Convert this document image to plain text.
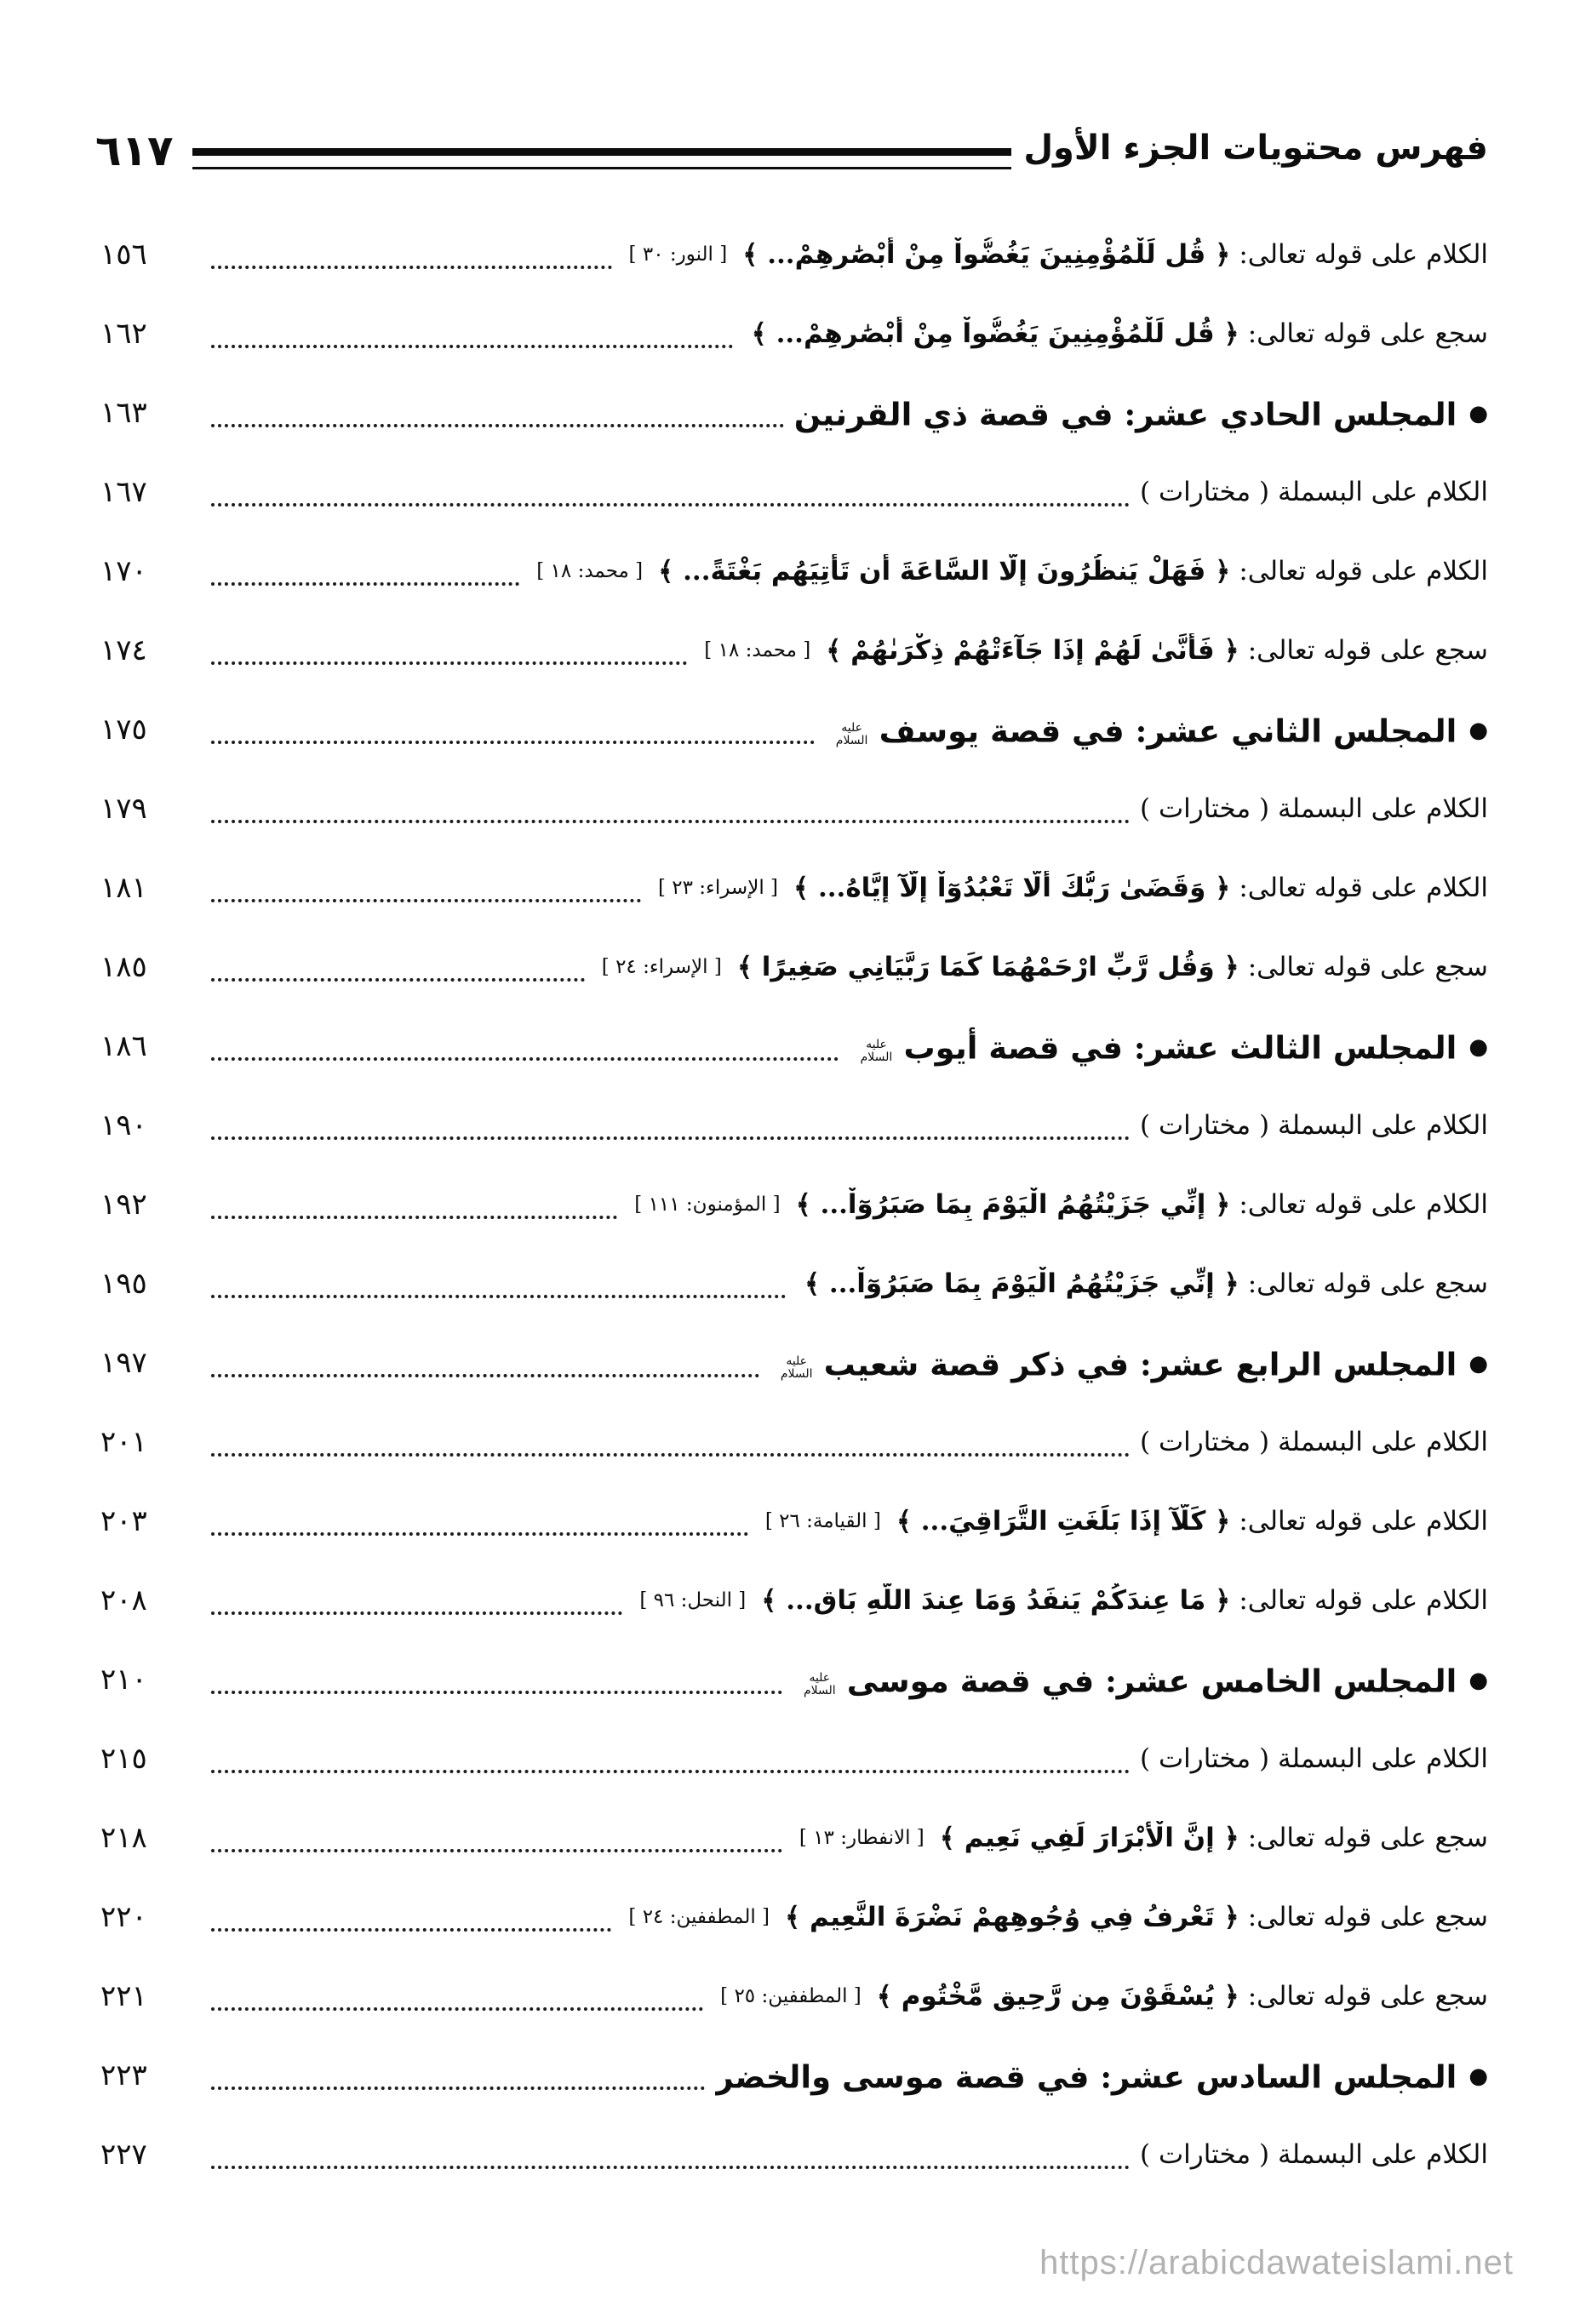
فهرس محتويات الجزء الأول
٦١٧
الكلام على قوله تعالى:﴿ قُل لِّلْمُؤْمِنِينَ يَغُضُّواْ مِنْ أَبْصَٰرِهِمْ... ﴾[ النور: ٣٠ ]
١٥٦
سجع على قوله تعالى:﴿ قُل لِّلْمُؤْمِنِينَ يَغُضُّواْ مِنْ أَبْصَٰرِهِمْ... ﴾
١٦٢
●المجلس الحادي عشر: في قصة ذي القرنين
١٦٣
الكلام على البسملة ( مختارات )
١٦٧
الكلام على قوله تعالى:﴿ فَهَلْ يَنظُرُونَ إِلَّا السَّاعَةَ أَن تَأْتِيَهُم بَغْتَةً... ﴾[ محمد: ١٨ ]
١٧٠
سجع على قوله تعالى:﴿ فَأَنَّىٰ لَهُمْ إِذَا جَآءَتْهُمْ ذِكْرَىٰهُمْ ﴾[ محمد: ١٨ ]
١٧٤
●المجلس الثاني عشر: في قصة يوسفعليه السلام
١٧٥
الكلام على البسملة ( مختارات )
١٧٩
الكلام على قوله تعالى:﴿ وَقَضَىٰ رَبُّكَ أَلَّا تَعْبُدُوٓاْ إِلَّآ إِيَّاهُ... ﴾[ الإسراء: ٢٣ ]
١٨١
سجع على قوله تعالى:﴿ وَقُل رَّبِّ ارْحَمْهُمَا كَمَا رَبَّيَانِي صَغِيرًا ﴾[ الإسراء: ٢٤ ]
١٨٥
●المجلس الثالث عشر: في قصة أيوبعليه السلام
١٨٦
الكلام على البسملة ( مختارات )
١٩٠
الكلام على قوله تعالى:﴿ إِنِّي جَزَيْتُهُمُ الْيَوْمَ بِمَا صَبَرُوٓاْ... ﴾[ المؤمنون: ١١١ ]
١٩٢
سجع على قوله تعالى:﴿ إِنِّي جَزَيْتُهُمُ الْيَوْمَ بِمَا صَبَرُوٓاْ... ﴾
١٩٥
●المجلس الرابع عشر: في ذكر قصة شعيبعليه السلام
١٩٧
الكلام على البسملة ( مختارات )
٢٠١
الكلام على قوله تعالى:﴿ كَلَّآ إِذَا بَلَغَتِ التَّرَاقِيَ... ﴾[ القيامة: ٢٦ ]
٢٠٣
الكلام على قوله تعالى:﴿ مَا عِندَكُمْ يَنفَدُ وَمَا عِندَ اللَّهِ بَاقٍ... ﴾[ النحل: ٩٦ ]
٢٠٨
●المجلس الخامس عشر: في قصة موسىعليه السلام
٢١٠
الكلام على البسملة ( مختارات )
٢١٥
سجع على قوله تعالى:﴿ إِنَّ الْأَبْرَارَ لَفِي نَعِيمٍ ﴾[ الانفطار: ١٣ ]
٢١٨
سجع على قوله تعالى:﴿ تَعْرِفُ فِي وُجُوهِهِمْ نَضْرَةَ النَّعِيمِ ﴾[ المطففين: ٢٤ ]
٢٢٠
سجع على قوله تعالى:﴿ يُسْقَوْنَ مِن رَّحِيقٍ مَّخْتُومٍ ﴾[ المطففين: ٢٥ ]
٢٢١
●المجلس السادس عشر: في قصة موسى والخضر
٢٢٣
الكلام على البسملة ( مختارات )
٢٢٧
https://arabicdawateislami.net
